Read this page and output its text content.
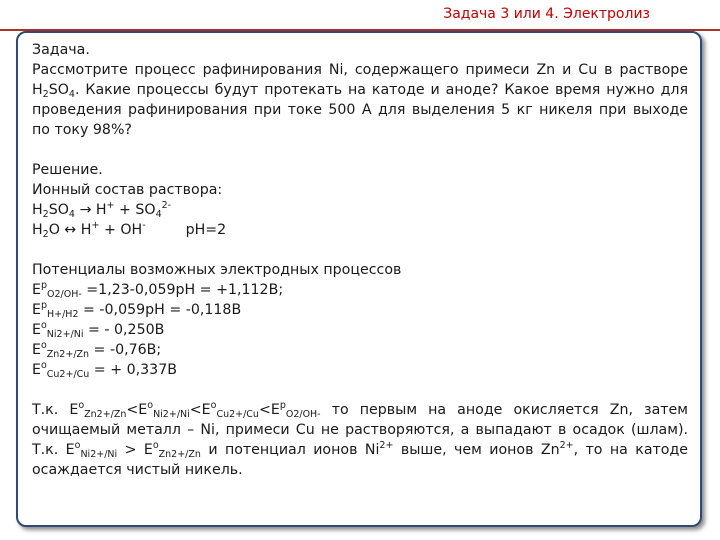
Задача 3 или 4. Электролиз
Задача.
Рассмотрите процесс рафинирования Ni, содержащего примеси Zn и Cu в растворе
$H_2SO_4$. Какие процессы будут протекать на катоде и аноде? Какое время нужно для
проведения рафинирования при токе 500 А для выделения 5 кг никеля при выходе
по току 98%?
Решение.
Ионный состав раствора:
$H_2SO_4 \to H^+ + SO_4^{2-}$
$H_2O$ ↔ H+ + OH-	pH=2
Потенциалы возможных электродных процессов
$E^p_{O2/OH-} =1,23-0,059pH = +1,112В$;
$E^p_{H+/H2} = -0,059pH = -0,118В$
$E^o_{Ni2+/Ni}$ = - 0,250В
$E^o_{Zn2+/Zn} = -0,76В$;
$E^o_{Cu2+/Cu}$ = + 0,337В
Т.к. $E^o_{Zn2+/Zn}<E^o_{Ni2+/Ni}<E^o_{Cu2+/Cu}<E^p_{O2/OH-}$ то первым на аноде окисляется Zn, затем
очищаемый металл – Ni, примеси Cu не растворяются, а выпадают в осадок (шлам).
Т.к. $E^o_{Ni2+/Ni} > E^o_{Zn2+/Zn}$ и потенциал ионов $Ni^{2+}$ выше, чем ионов $Zn^{2+}$, то на катоде
осаждается чистый никель.
